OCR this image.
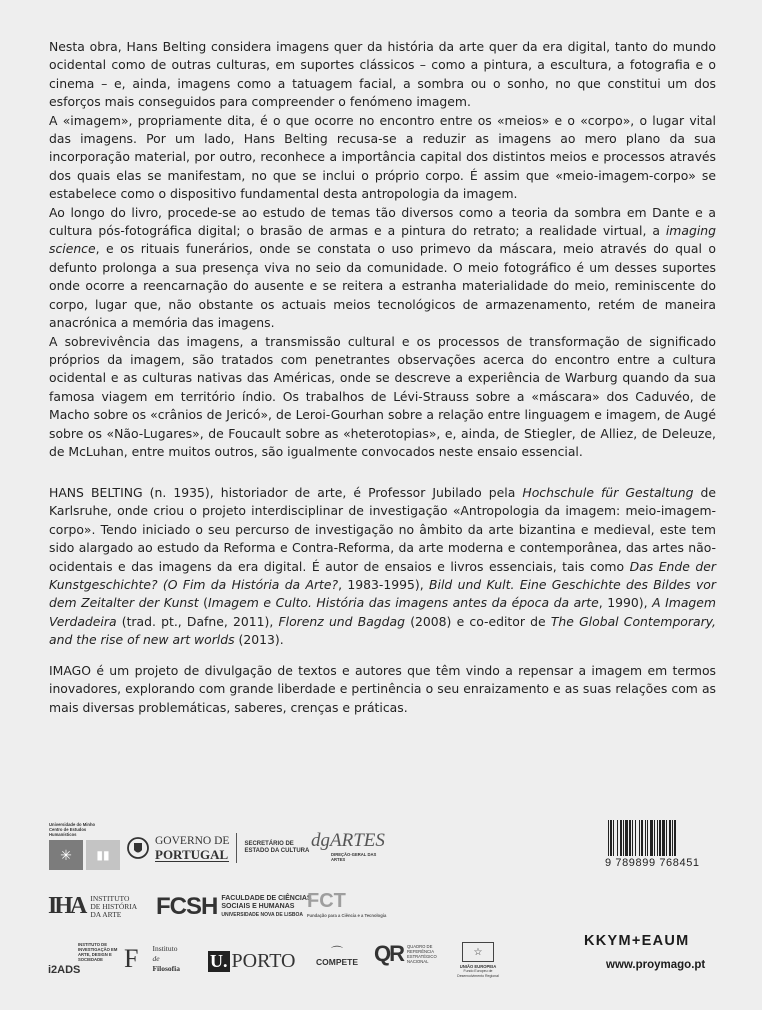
Nesta obra, Hans Belting considera imagens quer da história da arte quer da era digital, tanto do mundo ocidental como de outras culturas, em suportes clássicos – como a pintura, a escultura, a fotografia e o cinema – e, ainda, imagens como a tatuagem facial, a sombra ou o sonho, no que constitui um dos esforços mais conseguidos para compreender o fenómeno imagem.

A «imagem», propriamente dita, é o que ocorre no encontro entre os «meios» e o «corpo», o lugar vital das imagens. Por um lado, Hans Belting recusa-se a reduzir as imagens ao mero plano da sua incorporação material, por outro, reconhece a importância capital dos distintos meios e processos através dos quais elas se manifestam, no que se inclui o próprio corpo. É assim que «meio-imagem-corpo» se estabelece como o dispositivo fundamental desta antropologia da imagem.

Ao longo do livro, procede-se ao estudo de temas tão diversos como a teoria da sombra em Dante e a cultura pós-fotográfica digital; o brasão de armas e a pintura do retrato; a realidade virtual, a imaging science, e os rituais funerários, onde se constata o uso primevo da máscara, meio através do qual o defunto prolonga a sua presença viva no seio da comunidade. O meio fotográfico é um desses suportes onde ocorre a reencarnação do ausente e se reitera a estranha materialidade do meio, reminiscente do corpo, lugar que, não obstante os actuais meios tecnológicos de armazenamento, retém de maneira anacrónica a memória das imagens.

A sobrevivência das imagens, a transmissão cultural e os processos de transformação de significado próprios da imagem, são tratados com penetrantes observações acerca do encontro entre a cultura ocidental e as culturas nativas das Américas, onde se descreve a experiência de Warburg quando da sua famosa viagem em território índio. Os trabalhos de Lévi-Strauss sobre a «máscara» dos Caduvéo, de Macho sobre os «crânios de Jericó», de Leroi-Gourhan sobre a relação entre linguagem e imagem, de Augé sobre os «Não-Lugares», de Foucault sobre as «heterotopias», e, ainda, de Stiegler, de Alliez, de Deleuze, de McLuhan, entre muitos outros, são igualmente convocados neste ensaio essencial.

HANS BELTING (n. 1935), historiador de arte, é Professor Jubilado pela Hochschule für Gestaltung de Karlsruhe, onde criou o projeto interdisciplinar de investigação «Antropologia da imagem: meio-imagem-corpo». Tendo iniciado o seu percurso de investigação no âmbito da arte bizantina e medieval, este tem sido alargado ao estudo da Reforma e Contra-Reforma, da arte moderna e contemporânea, das artes não-ocidentais e das imagens da era digital. É autor de ensaios e livros essenciais, tais como Das Ende der Kunstgeschichte? (O Fim da História da Arte?, 1983-1995), Bild und Kult. Eine Geschichte des Bildes vor dem Zeitalter der Kunst (Imagem e Culto. História das imagens antes da época da arte, 1990), A Imagem Verdadeira (trad. pt., Dafne, 2011), Florenz und Bagdag (2008) e co-editor de The Global Contemporary, and the rise of new art worlds (2013).

IMAGO é um projeto de divulgação de textos e autores que têm vindo a repensar a imagem em termos inovadores, explorando com grande liberdade e pertinência o seu enraizamento e as suas relações com as mais diversas problemáticas, saberes, crenças e práticas.

Universidade do Minho Centro de Estudos Humanísticos
✳	▮▮
GOVERNO DE
PORTUGAL
SECRETÁRIO DE ESTADO DA CULTURA dgARTES
DIREÇÃO-GERAL DAS ARTES	9 789899 768451
IHA INSTITUTO DE HISTÓRIA DA ARTE	FCSH FACULDADE DE CIÊNCIAS
SOCIAIS E HUMANAS
UNIVERSIDADE NOVA DE LISBOA
FCT
Fundação para a Ciência e a Tecnologia
INSTITUTO DE INVESTIGAÇÃO EM ARTE, DESIGN E SOCIEDADE
i2ADS	F Instituto
de
Filosofia U. PORTO	⌒
COMPETE QR QUADRO DE REFERÊNCIA ESTRATÉGICO NACIONAL
☆
UNIÃO EUROPEIA
Fundo Europeu de Desenvolvimento Regional
KKYM+EAUM
www.proymago.pt
